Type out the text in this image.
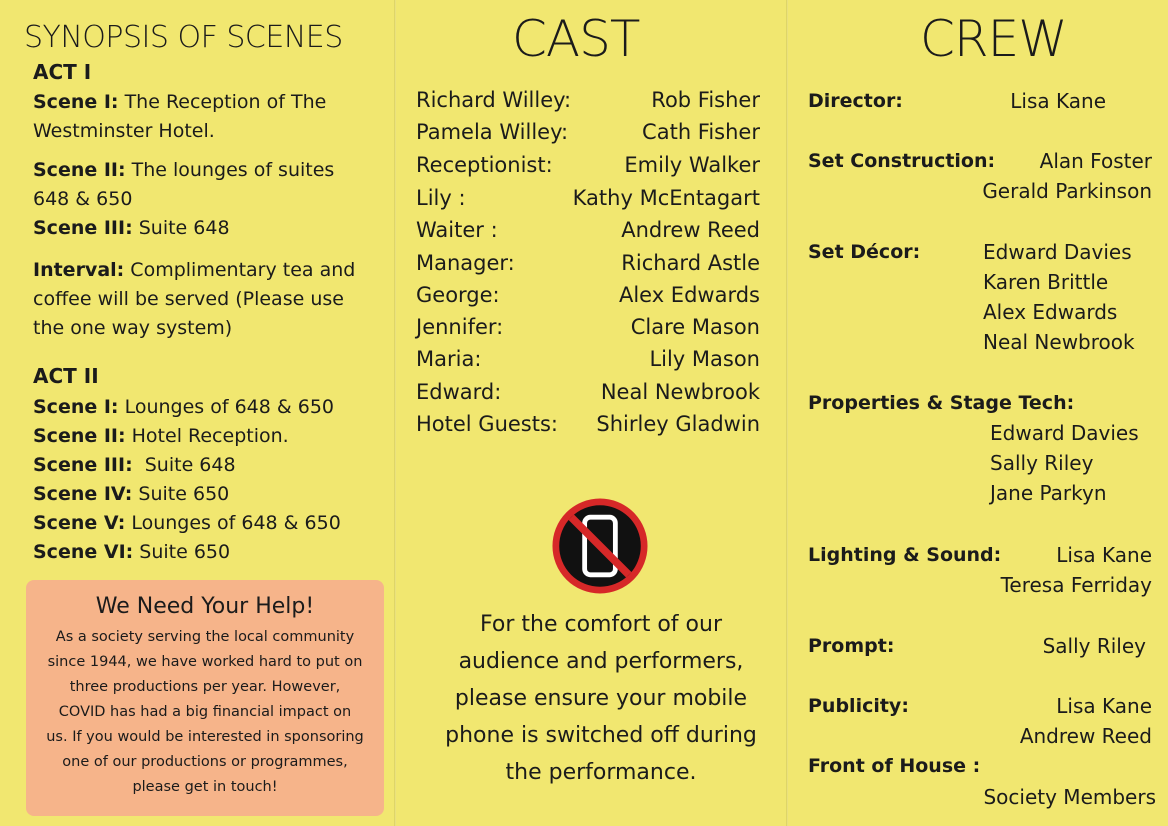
SYNOPSIS OF SCENES
ACT I
Scene I: The Reception of The
Westminster Hotel.
Scene II: The lounges of suites
648 & 650
Scene III: Suite 648
Interval: Complimentary tea and
coffee will be served (Please use
the one way system)
ACT II
Scene I: Lounges of 648 & 650
Scene II: Hotel Reception.
Scene III:  Suite 648
Scene IV: Suite 650
Scene V: Lounges of 648 & 650
Scene VI: Suite 650
We Need Your Help!
As a society serving the local community
since 1944, we have worked hard to put on
three productions per year. However,
COVID has had a big financial impact on
us. If you would be interested in sponsoring
one of our productions or programmes,
please get in touch!
CAST
Richard Willey:	Rob Fisher
Pamela Willey:	Cath Fisher
Receptionist:	Emily Walker
Lily :	Kathy McEntagart
Waiter :	Andrew Reed
Manager:	Richard Astle
George:	Alex Edwards
Jennifer:	Clare Mason
Maria:	Lily Mason
Edward:	Neal Newbrook
Hotel Guests: Shirley Gladwin
For the comfort of our
audience and performers,
please ensure your mobile
phone is switched off during
the performance.
CREW
Director:	Lisa Kane
Set Construction: Alan Foster
Gerald Parkinson
Set Décor:	Edward Davies
Karen Brittle
Alex Edwards
Neal Newbrook
Properties & Stage Tech:
Edward Davies
Sally Riley
Jane Parkyn
Lighting & Sound:	Lisa Kane
Teresa Ferriday
Prompt:	Sally Riley
Publicity:	Lisa Kane
Andrew Reed
Front of House :
Society Members
